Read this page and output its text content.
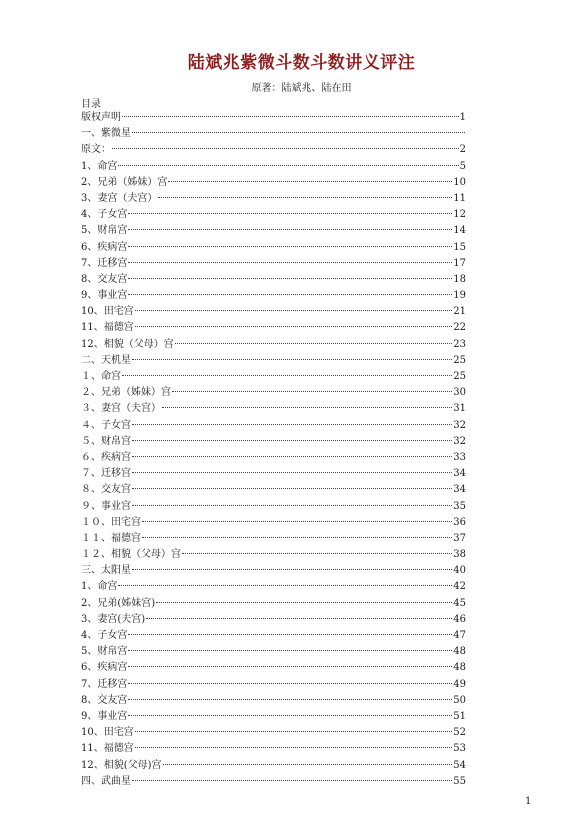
陆斌兆紫微斗数斗数讲义评注
原著：陆斌兆、陆在田
目录
版权声明	1
一、紫微星
原文：	2
1、命宫	5
2、兄弟（姊妹）宫	10
3、妻宫（夫宫）	11
4、子女宫	12
5、财帛宫	14
6、疾病宫	15
7、迁移宫	17
8、交友宫	18
9、事业宫	19
10、田宅宫	21
11、福德宫	22
12、相貌（父母）宫	23
二、天机星	25
１、命宫	25
２、兄弟（姊妹）宫	30
３、妻宫（夫宫）	31
４、子女宫	32
５、财帛宫	32
６、疾病宫	33
７、迁移宫	34
８、交友宫	34
９、事业宫	35
１０、田宅宫	36
１１、福德宫	37
１２、相貌（父母）宫	38
三、太阳星	40
1、命宫	42
2、兄弟(姊妹宫)	45
3、妻宫(夫宫)	46
4、子女宫	47
5、财帛宫	48
6、疾病宫	48
7、迁移宫	49
8、交友宫	50
9、事业宫	51
10、田宅宫	52
11、福德宫	53
12、相貌(父母)宫	54
四、武曲星	55
1
